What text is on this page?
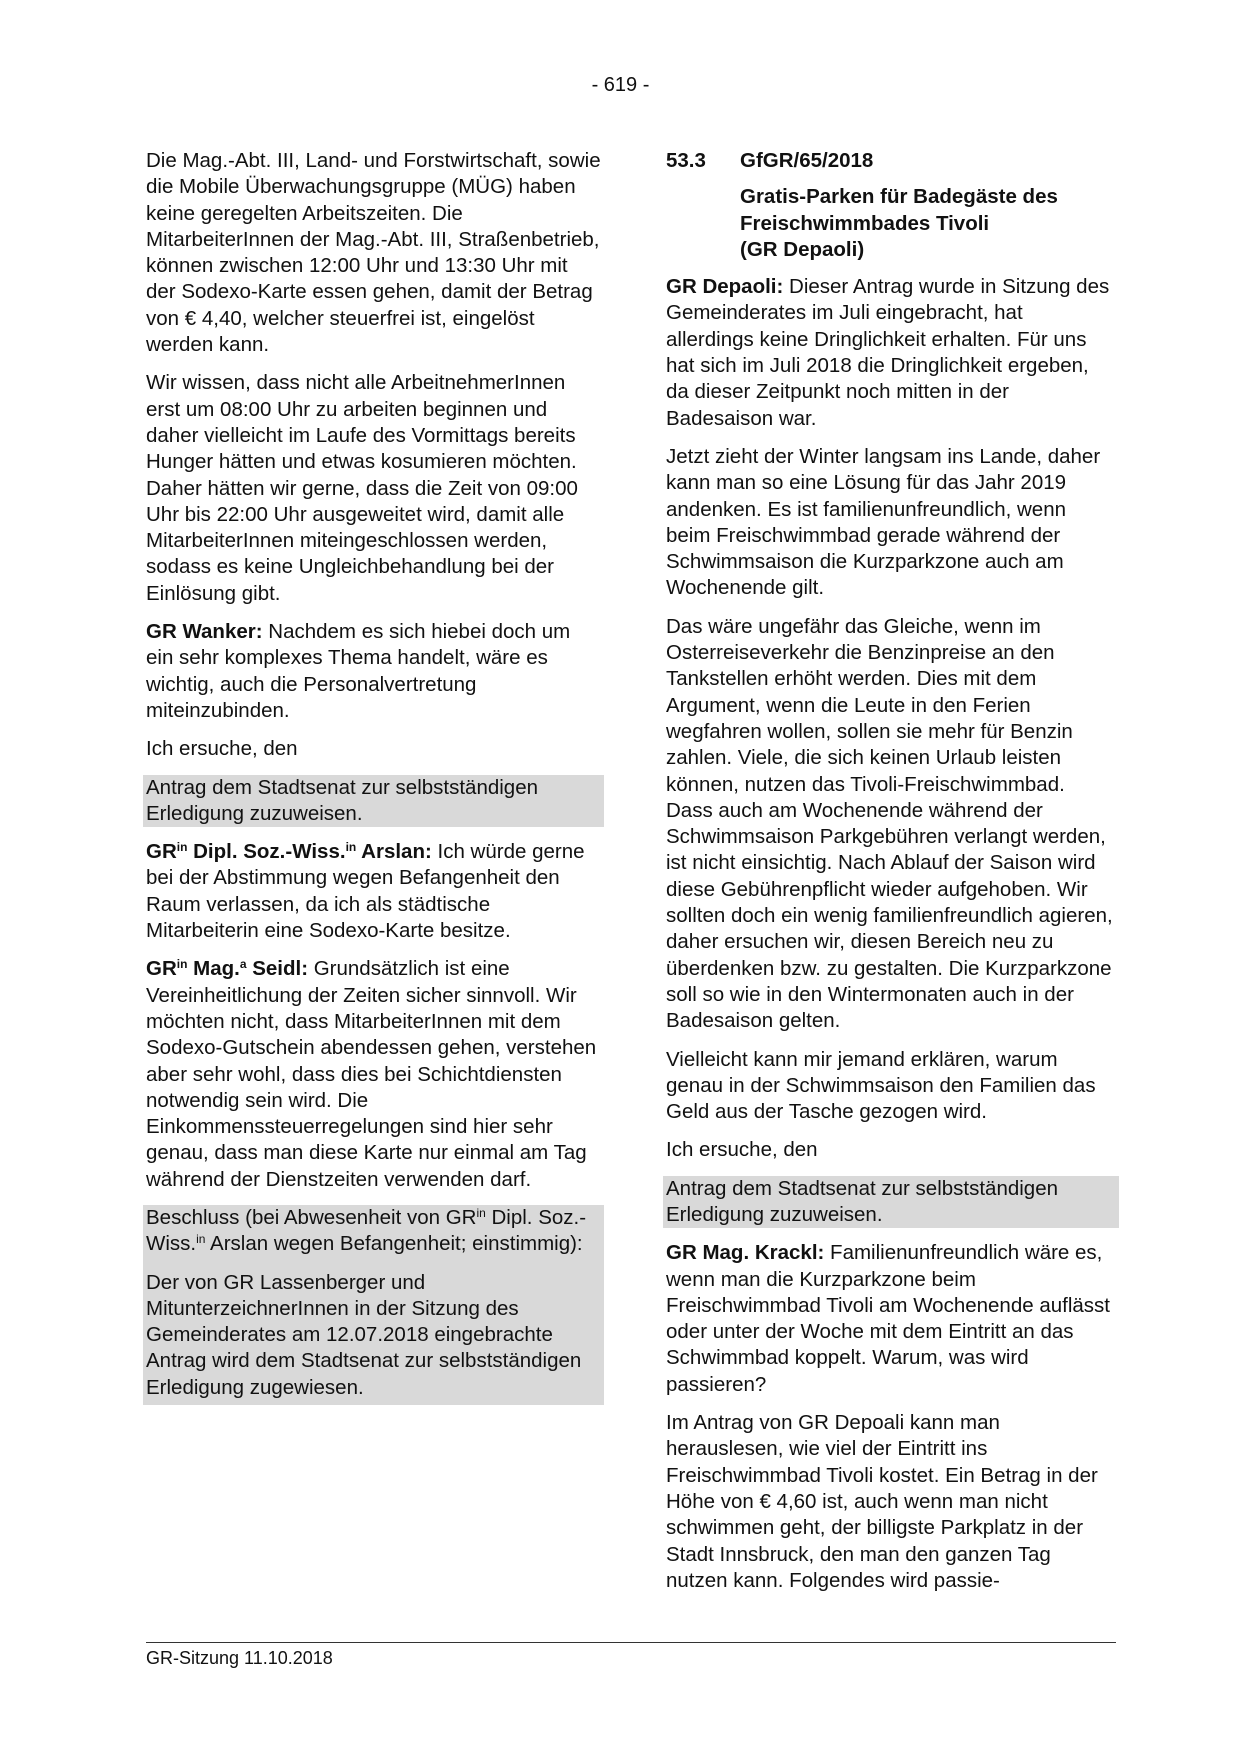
- 619 -

Die Mag.-Abt. III, Land- und Forstwirtschaft, sowie die Mobile Überwachungsgruppe (MÜG) haben keine geregelten Arbeitszeiten. Die MitarbeiterInnen der Mag.-Abt. III, Straßenbetrieb, können zwischen 12:00 Uhr und 13:30 Uhr mit der Sodexo-Karte essen gehen, damit der Betrag von € 4,40, welcher steuerfrei ist, eingelöst werden kann.

Wir wissen, dass nicht alle ArbeitnehmerInnen erst um 08:00 Uhr zu arbeiten beginnen und daher vielleicht im Laufe des Vormittags bereits Hunger hätten und etwas kosumieren möchten. Daher hätten wir gerne, dass die Zeit von 09:00 Uhr bis 22:00 Uhr ausgeweitet wird, damit alle MitarbeiterInnen miteingeschlossen werden, sodass es keine Ungleichbehandlung bei der Einlösung gibt.

GR Wanker: Nachdem es sich hiebei doch um ein sehr komplexes Thema handelt, wäre es wichtig, auch die Personalvertretung miteinzubinden.

Ich ersuche, den

Antrag dem Stadtsenat zur selbstständigen Erledigung zuzuweisen.

$GR^{in}$ Dipl. Soz.-Wiss.$^{in}$ Arslan: Ich würde gerne bei der Abstimmung wegen Befangenheit den Raum verlassen, da ich als städtische Mitarbeiterin eine Sodexo-Karte besitze.

$GR^{in}$ Mag.$^a$ Seidl: Grundsätzlich ist eine Vereinheitlichung der Zeiten sicher sinnvoll. Wir möchten nicht, dass MitarbeiterInnen mit dem Sodexo-Gutschein abendessen gehen, verstehen aber sehr wohl, dass dies bei Schichtdiensten notwendig sein wird. Die Einkommenssteuerregelungen sind hier sehr genau, dass man diese Karte nur einmal am Tag während der Dienstzeiten verwenden darf.

Beschluss (bei Abwesenheit von $GR^{in}$ Dipl. Soz.-Wiss.$^{in}$ Arslan wegen Befangenheit; einstimmig):

Der von GR Lassenberger und MitunterzeichnerInnen in der Sitzung des Gemeinderates am 12.07.2018 eingebrachte Antrag wird dem Stadtsenat zur selbstständigen Erledigung zugewiesen.

53.3 GfGR/65/2018
Gratis-Parken für Badegäste des Freischwimmbades Tivoli
(GR Depaoli)

GR Depaoli: Dieser Antrag wurde in Sitzung des Gemeinderates im Juli eingebracht, hat allerdings keine Dringlichkeit erhalten. Für uns hat sich im Juli 2018 die Dringlichkeit ergeben, da dieser Zeitpunkt noch mitten in der Badesaison war.

Jetzt zieht der Winter langsam ins Lande, daher kann man so eine Lösung für das Jahr 2019 andenken. Es ist familienunfreundlich, wenn beim Freischwimmbad gerade während der Schwimmsaison die Kurzparkzone auch am Wochenende gilt.

Das wäre ungefähr das Gleiche, wenn im Osterreiseverkehr die Benzinpreise an den Tankstellen erhöht werden. Dies mit dem Argument, wenn die Leute in den Ferien wegfahren wollen, sollen sie mehr für Benzin zahlen. Viele, die sich keinen Urlaub leisten können, nutzen das Tivoli-Freischwimmbad. Dass auch am Wochenende während der Schwimmsaison Parkgebühren verlangt werden, ist nicht einsichtig. Nach Ablauf der Saison wird diese Gebührenpflicht wieder aufgehoben. Wir sollten doch ein wenig familienfreundlich agieren, daher ersuchen wir, diesen Bereich neu zu überdenken bzw. zu gestalten. Die Kurzparkzone soll so wie in den Wintermonaten auch in der Badesaison gelten.

Vielleicht kann mir jemand erklären, warum genau in der Schwimmsaison den Familien das Geld aus der Tasche gezogen wird.

Ich ersuche, den

Antrag dem Stadtsenat zur selbstständigen Erledigung zuzuweisen.

GR Mag. Krackl: Familienunfreundlich wäre es, wenn man die Kurzparkzone beim Freischwimmbad Tivoli am Wochenende auflässt oder unter der Woche mit dem Eintritt an das Schwimmbad koppelt. Warum, was wird passieren?

Im Antrag von GR Depoali kann man herauslesen, wie viel der Eintritt ins Freischwimmbad Tivoli kostet. Ein Betrag in der Höhe von € 4,60 ist, auch wenn man nicht schwimmen geht, der billigste Parkplatz in der Stadt Innsbruck, den man den ganzen Tag nutzen kann. Folgendes wird passie-

GR-Sitzung 11.10.2018
